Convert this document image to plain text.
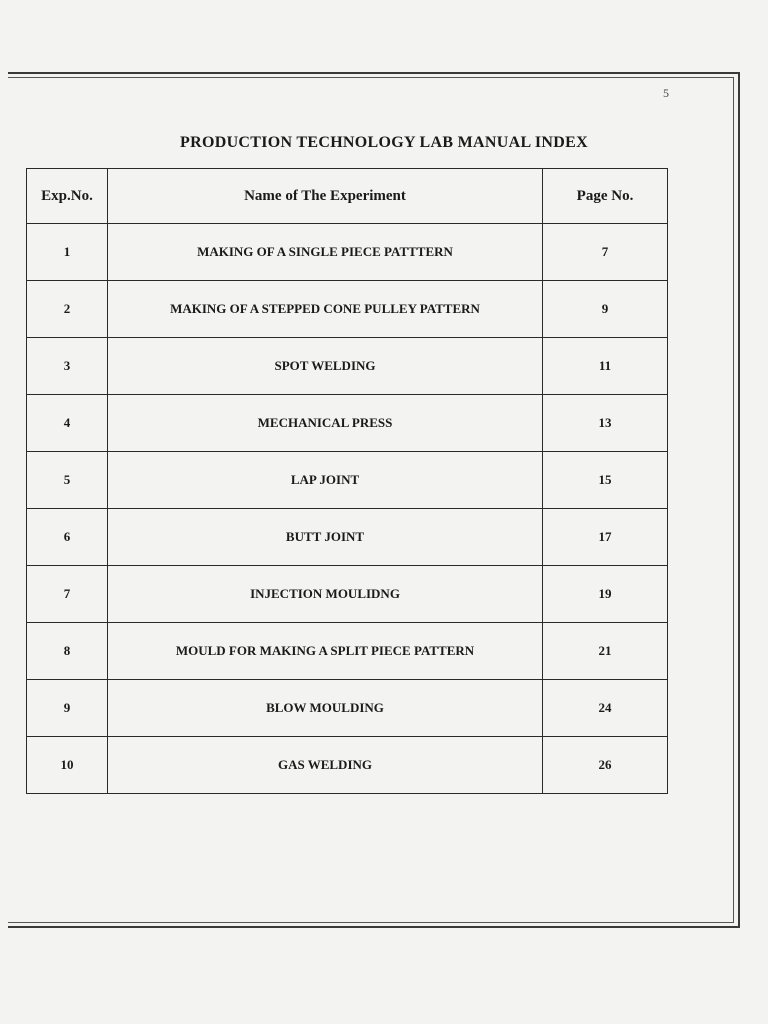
5
PRODUCTION TECHNOLOGY LAB MANUAL INDEX
Exp.No.	Name of The Experiment	Page No.
1	MAKING OF A SINGLE PIECE PATTTERN	7
2	MAKING OF A STEPPED CONE PULLEY PATTERN	9
3	SPOT WELDING	11
4	MECHANICAL PRESS	13
5	LAP JOINT	15
6	BUTT JOINT	17
7	INJECTION MOULIDNG	19
8	MOULD FOR MAKING A SPLIT PIECE PATTERN	21
9	BLOW MOULDING	24
10	GAS WELDING	26
